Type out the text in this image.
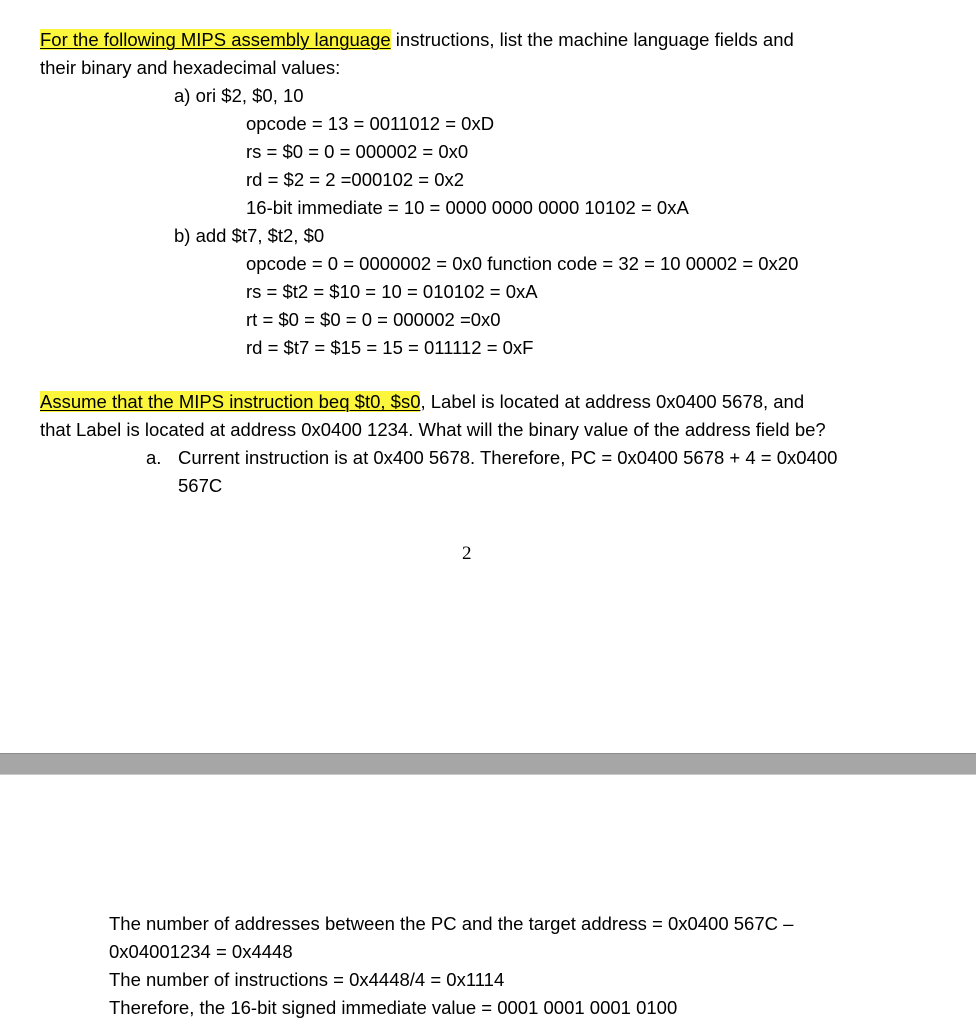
For the following MIPS assembly language instructions, list the machine language fields and
their binary and hexadecimal values:
a) ori $2, $0, 10
opcode = 13 = 0011012 = 0xD
rs = $0 = 0 = 000002 = 0x0
rd = $2 = 2 =000102 = 0x2
16-bit immediate = 10 = 0000 0000 0000 10102 = 0xA
b) add $t7, $t2, $0
opcode = 0 = 0000002 = 0x0 function code = 32 = 10 00002 = 0x20
rs = $t2 = $10 = 10 = 010102 = 0xA
rt = $0 = $0 = 0 = 000002 =0x0
rd = $t7 = $15 = 15 = 011112 = 0xF
Assume that the MIPS instruction beq $t0, $s0, Label is located at address 0x0400 5678, and
that Label is located at address 0x0400 1234. What will the binary value of the address field be?
a. Current instruction is at 0x400 5678. Therefore, PC = 0x0400 5678 + 4 = 0x0400
567C
2
The number of addresses between the PC and the target address = 0x0400 567C –
0x04001234 = 0x4448
The number of instructions = 0x4448/4 = 0x1114
Therefore, the 16-bit signed immediate value = 0001 0001 0001 0100
